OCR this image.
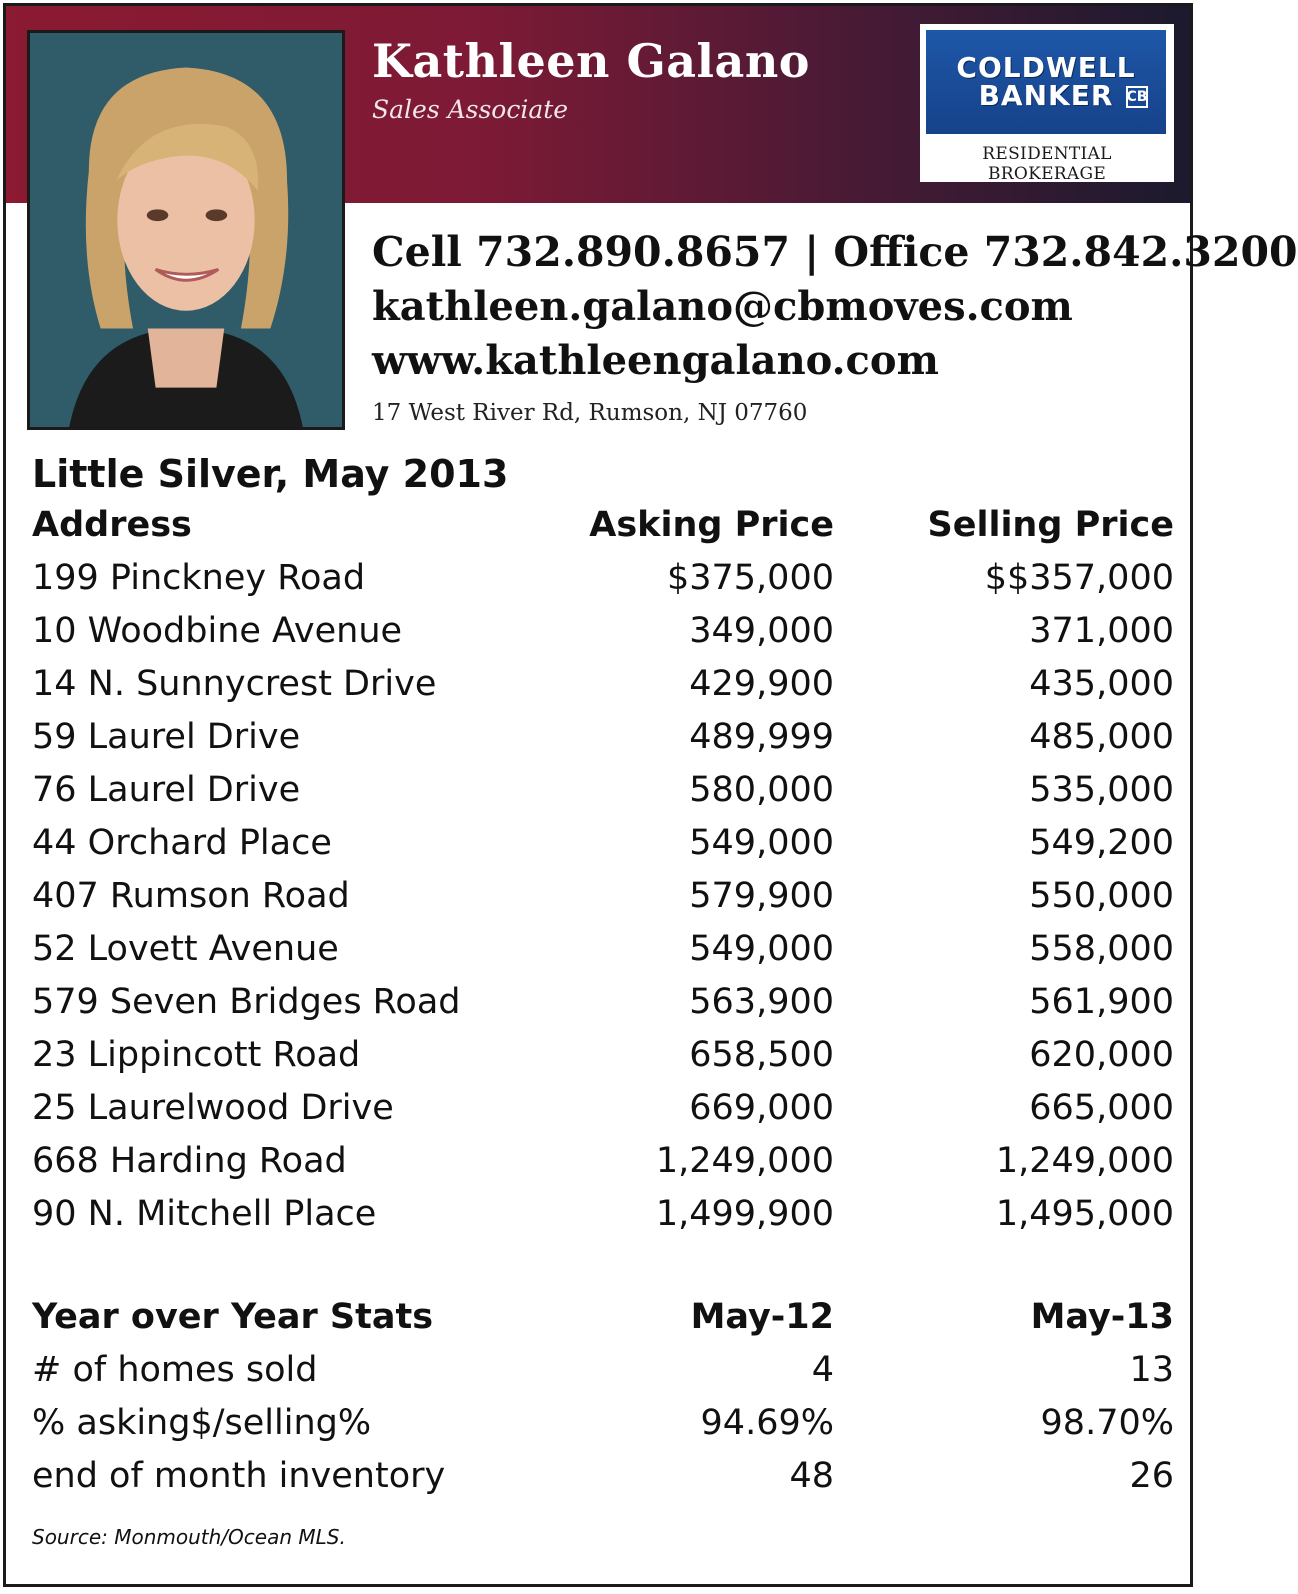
Kathleen Galano
Sales Associate
COLDWELL
BANKER CB
RESIDENTIAL BROKERAGE
Cell 732.890.8657 | Office 732.842.3200
kathleen.galano@cbmoves.com
www.kathleengalano.com
17 West River Rd, Rumson, NJ 07760
Little Silver, May 2013
Address	Asking Price	Selling Price
199 Pinckney Road	$375,000	$$357,000
10 Woodbine Avenue	349,000	371,000
14 N. Sunnycrest Drive	429,900	435,000
59 Laurel Drive	489,999	485,000
76 Laurel Drive	580,000	535,000
44 Orchard Place	549,000	549,200
407 Rumson Road	579,900	550,000
52 Lovett Avenue	549,000	558,000
579 Seven Bridges Road	563,900	561,900
23 Lippincott Road	658,500	620,000
25 Laurelwood Drive	669,000	665,000
668 Harding Road	1,249,000	1,249,000
90 N. Mitchell Place	1,499,900	1,495,000
Year over Year Stats	May-12	May-13
# of homes sold	4	13
% asking$/selling%	94.69%	98.70%
end of month inventory	48	26
Source: Monmouth/Ocean MLS.
